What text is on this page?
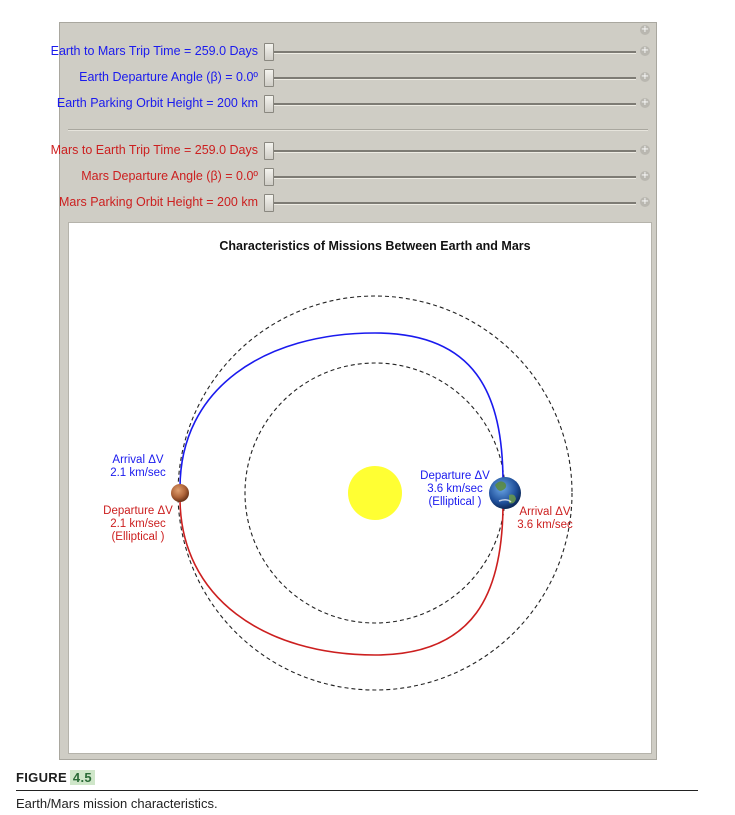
+
Earth to Mars Trip Time = 259.0 Days	+
Earth Departure Angle (β) = 0.0º	+
Earth Parking Orbit Height = 200 km	+
Mars to Earth Trip Time = 259.0 Days	+
Mars Departure Angle (β) = 0.0º	+
Mars Parking Orbit Height = 200 km	+
Characteristics of Missions Between Earth and Mars
Arrival ΔV
2.1 km/sec
Departure ΔV
2.1 km/sec
(Elliptical )
Departure ΔV
3.6 km/sec
(Elliptical )
Arrival ΔV
3.6 km/sec
FIGURE 4.5
Earth/Mars mission characteristics.
